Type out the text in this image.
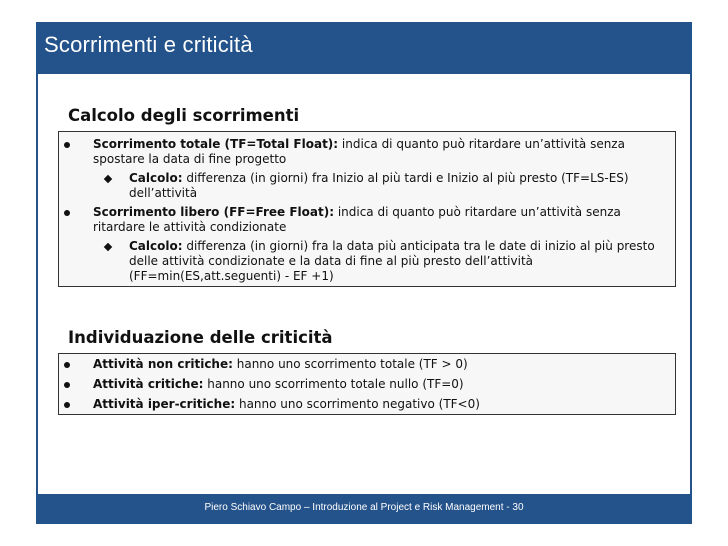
Scorrimenti e criticità
Calcolo degli scorrimenti
Scorrimento totale (TF=Total Float): indica di quanto può ritardare un’attività senza spostare la data di fine progetto
Calcolo: differenza (in giorni) fra Inizio al più tardi e Inizio al più presto (TF=LS-ES) dell’attività
Scorrimento libero (FF=Free Float): indica di quanto può ritardare un’attività senza ritardare le attività condizionate
Calcolo: differenza (in giorni) fra la data più anticipata tra le date di inizio al più presto delle attività condizionate e la data di fine al più presto dell’attività (FF=min(ES,att.seguenti) - EF +1)
Individuazione delle criticità
Attività non critiche: hanno uno scorrimento totale (TF > 0)
Attività critiche: hanno uno scorrimento totale nullo (TF=0)
Attività iper-critiche: hanno uno scorrimento negativo (TF<0)
Piero Schiavo Campo – Introduzione al Project e Risk Management - 30
